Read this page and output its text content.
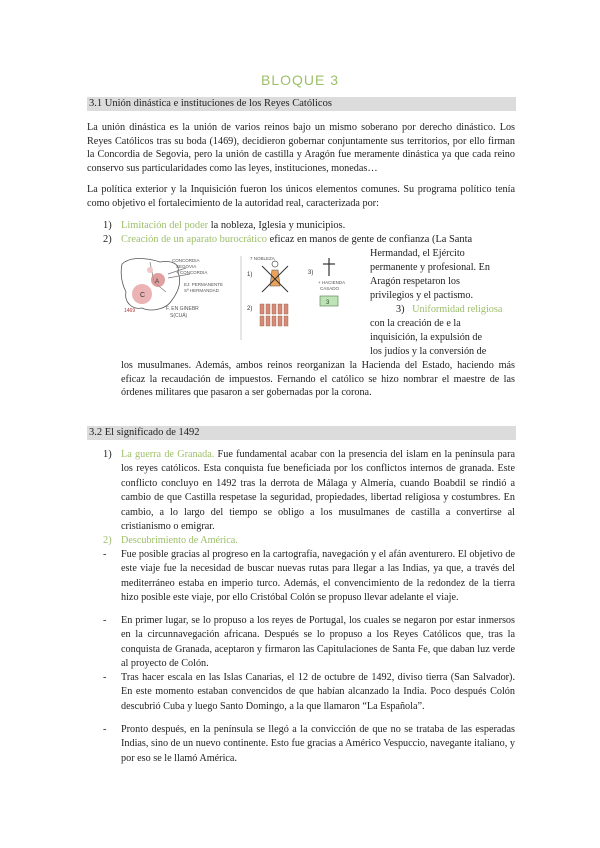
BLOQUE 3
3.1 Unión dinástica e instituciones de los Reyes Católicos
La unión dinástica es la unión de varios reinos bajo un mismo soberano por derecho dinástico. Los Reyes Católicos tras su boda (1469), decidieron gobernar conjuntamente sus territorios, por ello firman la Concordia de Segovia, pero la unión de castilla y Aragón fue meramente dinástica ya que cada reino conservo sus particularidades como las leyes, instituciones, monedas…
La política exterior y la Inquisición fueron los únicos elementos comunes. Su programa político tenía como objetivo el fortalecimiento de la autoridad real, caracterizada por:
1) Limitación del poder la nobleza, Iglesia y municipios.
2) Creación de un aparato burocrático eficaz en manos de gente de confianza (La Santa
Hermandad, el Ejército
permanente y profesional. En
Aragón respetaron los
privilegios y el pactismo.
3) Uniformidad religiosa
con la creación de e la
inquisición, la expulsión de
los judíos y la conversión de
los musulmanes. Además, ambos reinos reorganizan la Hacienda del Estado, haciendo más eficaz la recaudación de impuestos. Fernando el católico se hizo nombrar el maestre de las órdenes militares que pasaron a ser gobernadas por la corona.
C
A
CONCORDIA
SEGOVIA
+ CONCORDIA
1469
EJ: PERMANENTE
Sª HERMANDAD
F. EN GINEBR
S(CUÁ)
7 NOBLEZA
1)
2)
3)
+ HACIENDA
CASADO
3
3.2 El significado de 1492
1) La guerra de Granada. Fue fundamental acabar con la presencia del islam en la península para los reyes católicos. Esta conquista fue beneficiada por los conflictos internos de granada. Este conflicto concluyo en 1492 tras la derrota de Málaga y Almería, cuando Boabdil se rindió a cambio de que Castilla respetase la seguridad, propiedades, libertad religiosa y costumbres. En cambio, a lo largo del tiempo se obligo a los musulmanes de castilla a convertirse al cristianismo o emigrar.
2) Descubrimiento de América.
- Fue posible gracias al progreso en la cartografía, navegación y el afán aventurero. El objetivo de este viaje fue la necesidad de buscar nuevas rutas para llegar a las Indias, ya que, a través del mediterráneo estaba en imperio turco. Además, el convencimiento de la redondez de la tierra hizo posible este viaje, por ello Cristóbal Colón se propuso llevar adelante el viaje.
- En primer lugar, se lo propuso a los reyes de Portugal, los cuales se negaron por estar inmersos en la circunnavegación africana. Después se lo propuso a los Reyes Católicos que, tras la conquista de Granada, aceptaron y firmaron las Capitulaciones de Santa Fe, que daban luz verde al proyecto de Colón.
- Tras hacer escala en las Islas Canarias, el 12 de octubre de 1492, diviso tierra (San Salvador). En este momento estaban convencidos de que habían alcanzado la India. Poco después Colón descubrió Cuba y luego Santo Domingo, a la que llamaron “La Española”.
- Pronto después, en la península se llegó a la convicción de que no se trataba de las esperadas Indias, sino de un nuevo continente. Esto fue gracias a Américo Vespuccio, navegante italiano, y por eso se le llamó América.
